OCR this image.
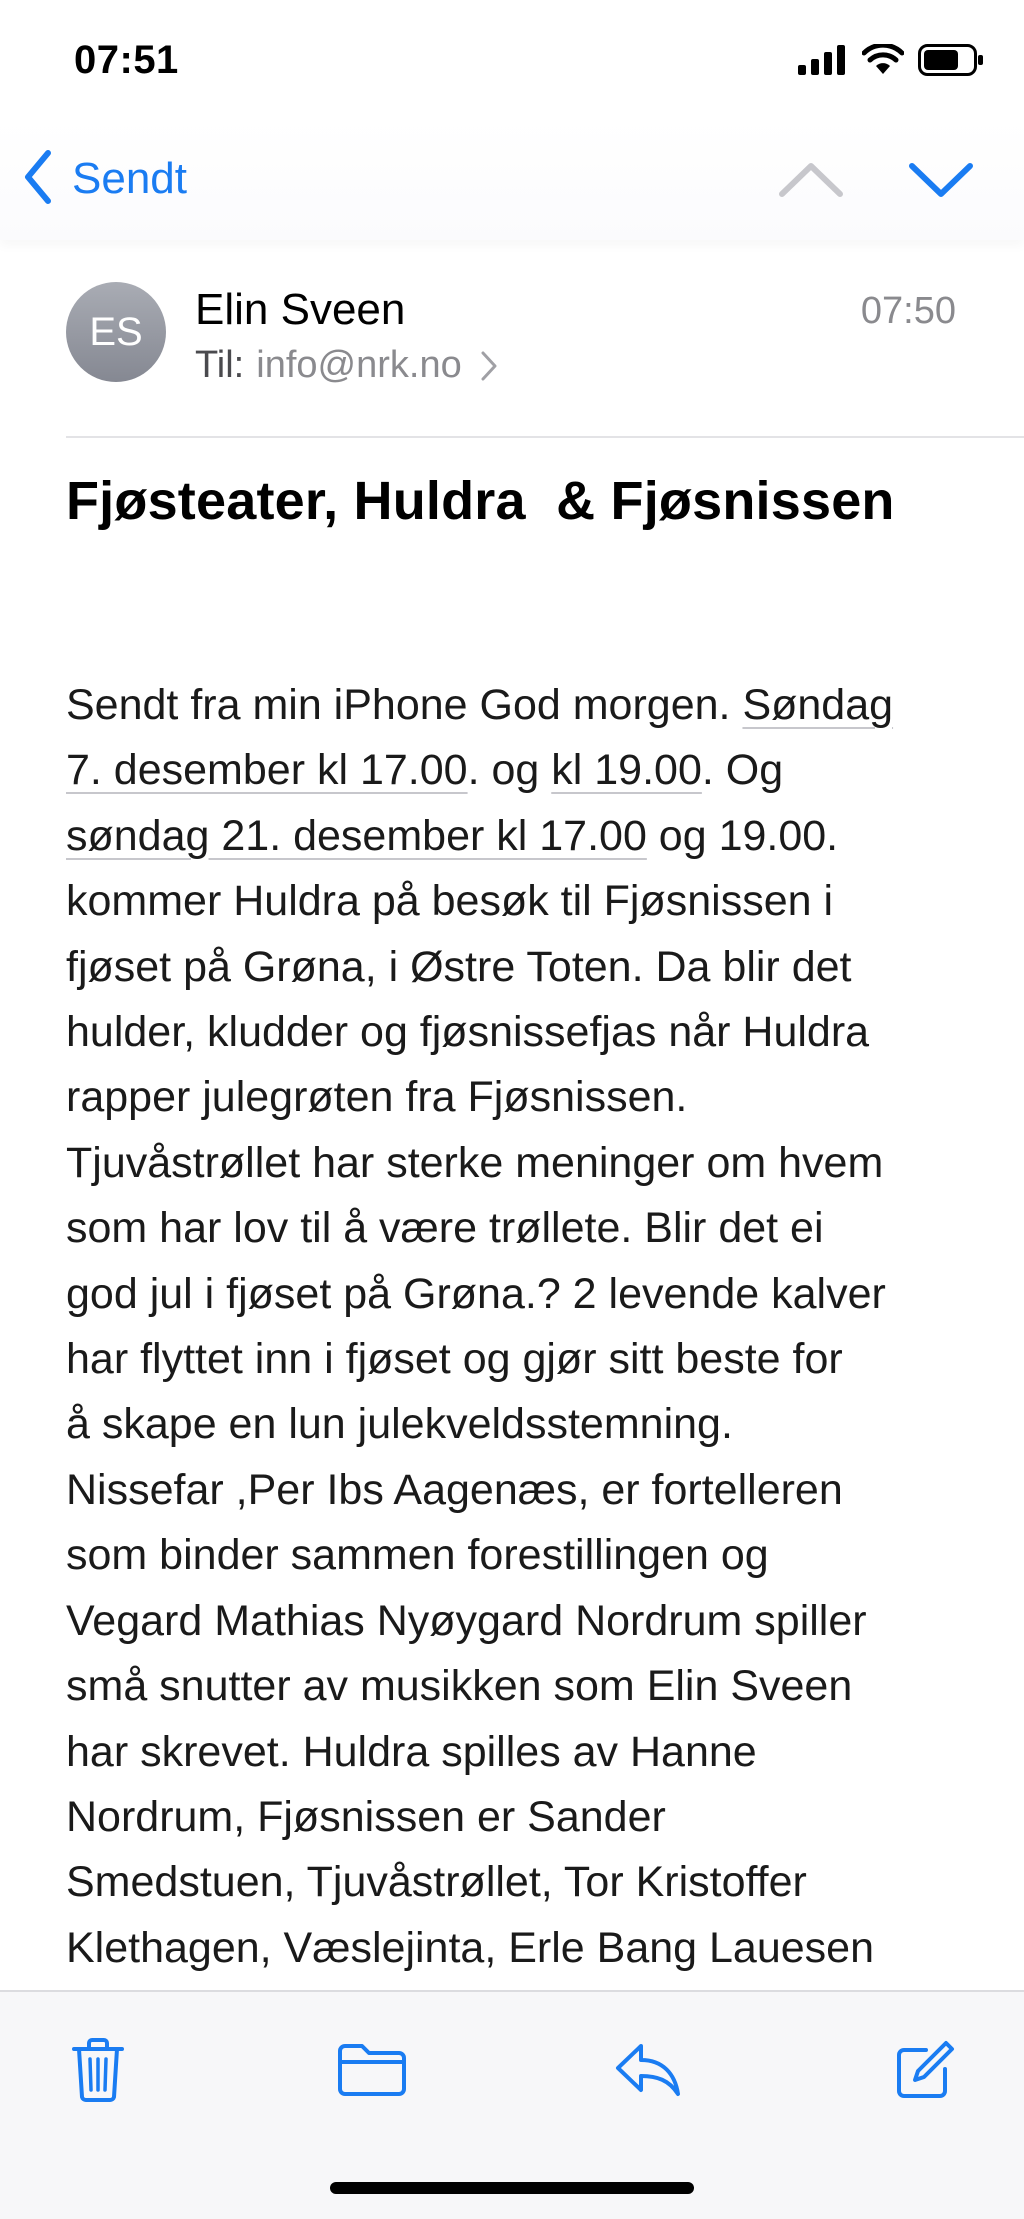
07:51
Sendt
ES	Elin Sveen
Til: info@nrk.no
07:50
Fjøsteater, Huldra  & Fjøsnissen
Sendt fra min iPhone God morgen. Søndag
7. desember kl 17.00. og kl 19.00. Og
søndag 21. desember kl 17.00 og 19.00.
kommer Huldra på besøk til Fjøsnissen i
fjøset på Grøna, i Østre Toten. Da blir det
hulder, kludder og fjøsnissefjas når Huldra
rapper julegrøten fra Fjøsnissen.
Tjuvåstrøllet har sterke meninger om hvem
som har lov til å være trøllete. Blir det ei
god jul i fjøset på Grøna.? 2 levende kalver
har flyttet inn i fjøset og gjør sitt beste for
å skape en lun julekveldsstemning.
Nissefar ,Per Ibs Aagenæs, er fortelleren
som binder sammen forestillingen og
Vegard Mathias Nyøygard Nordrum spiller
små snutter av musikken som Elin Sveen
har skrevet. Huldra spilles av Hanne
Nordrum, Fjøsnissen er Sander
Smedstuen, Tjuvåstrøllet, Tor Kristoffer
Klethagen, Væslejinta, Erle Bang Lauesen
